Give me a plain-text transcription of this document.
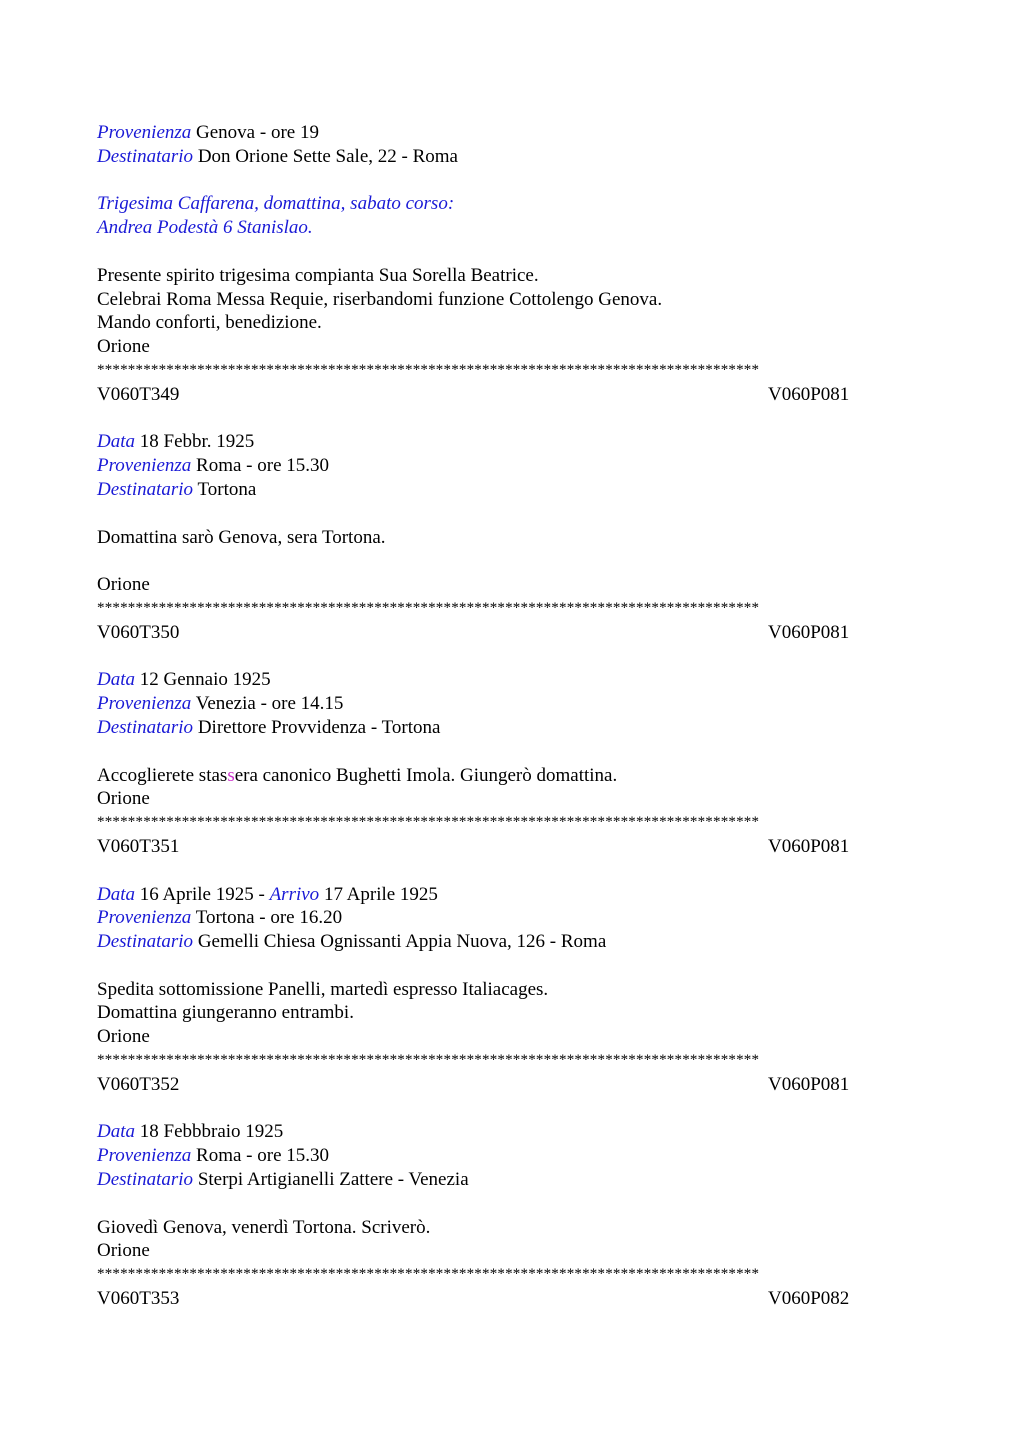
Provenienza Genova - ore 19
Destinatario Don Orione Sette Sale, 22 - Roma
Trigesima Caffarena, domattina, sabato corso:
Andrea Podestà 6 Stanislao.
Presente spirito trigesima compianta Sua Sorella Beatrice.
Celebrai Roma Messa Requie, riserbandomi funzione Cottolengo Genova.
Mando conforti, benedizione.
Orione
**************************************************************************************
V060T349	V060P081
Data 18 Febbr. 1925
Provenienza Roma - ore 15.30
Destinatario Tortona
Domattina sarò Genova, sera Tortona.
Orione
**************************************************************************************
V060T350	V060P081
Data 12 Gennaio 1925
Provenienza Venezia - ore 14.15
Destinatario Direttore Provvidenza - Tortona
Accoglierete stassera canonico Bughetti Imola. Giungerò domattina.
Orione
**************************************************************************************
V060T351	V060P081
Data 16 Aprile 1925 - Arrivo 17 Aprile 1925
Provenienza Tortona - ore 16.20
Destinatario Gemelli Chiesa Ognissanti Appia Nuova, 126 - Roma
Spedita sottomissione Panelli, martedì espresso Italiacages.
Domattina giungeranno entrambi.
Orione
**************************************************************************************
V060T352	V060P081
Data 18 Febbbraio 1925
Provenienza Roma - ore 15.30
Destinatario Sterpi Artigianelli Zattere - Venezia
Giovedì Genova, venerdì Tortona. Scriverò.
Orione
**************************************************************************************
V060T353	V060P082
